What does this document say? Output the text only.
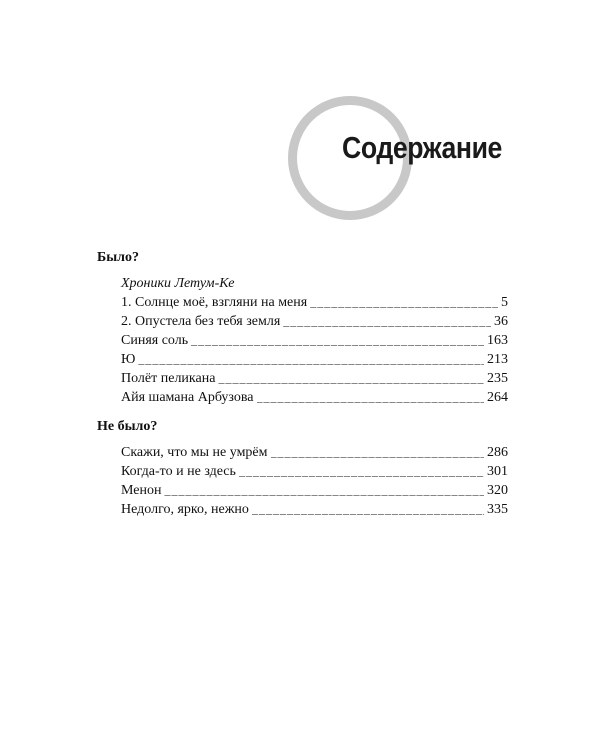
Содержание
Было?
Хроники Летум-Ке
1. Солнце моё, взгляни на меня _____	5
2. Опустела без тебя земля _____	36
Синяя соль _____	163
Ю _____	213
Полёт пеликана _____	235
Айя шамана Арбузова _____	264
Не было?
Скажи, что мы не умрём _____	286
Когда-то и не здесь _____	301
Менон _____	320
Недолго, ярко, нежно _____	335
